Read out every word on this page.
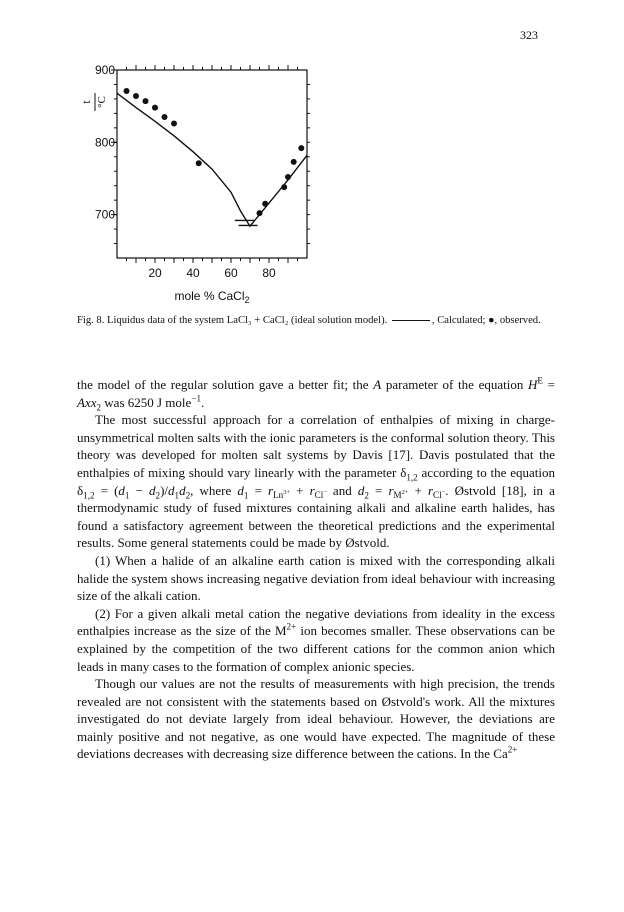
323
700
800
900
20 40 60 80
t °C
mole % CaCl$_2$
Fig. 8. Liquidus data of the system LaCl₃ + CaCl₂ (ideal solution model).	, Calculated; ●, observed.

the model of the regular solution gave a better fit; the A parameter of the equation $H^E = Axx_2$ was 6250 J mole$^{-1}$.

The most successful approach for a correlation of enthalpies of mixing in charge-unsymmetrical molten salts with the ionic parameters is the conformal solution theory. This theory was developed for molten salt systems by Davis [17]. Davis postulated that the enthalpies of mixing should vary linearly with the parameter $\delta_{1,2}$ according to the equation $\delta_{1,2} = (d_1 - d_2)/d_1d_2$, where $d_1 = r_{Ln^{3+}} + r_{Cl^-}$ and $d_2 = r_{M^{2+}} + r_{Cl^-}$. Østvold [18], in a thermodynamic study of fused mixtures containing alkali and alkaline earth halides, has found a satisfactory agreement between the theoretical predictions and the experimental results. Some general statements could be made by Østvold.

(1) When a halide of an alkaline earth cation is mixed with the corresponding alkali halide the system shows increasing negative deviation from ideal behaviour with increasing size of the alkali cation.

(2) For a given alkali metal cation the negative deviations from ideality in the excess enthalpies increase as the size of the $M^{2+}$ ion becomes smaller. These observations can be explained by the competition of the two different cations for the common anion which leads in many cases to the formation of complex anionic species.

Though our values are not the results of measurements with high precision, the trends revealed are not consistent with the statements based on Østvold's work. All the mixtures investigated do not deviate largely from ideal behaviour. However, the deviations are mainly positive and not negative, as one would have expected. The magnitude of these deviations decreases with decreasing size difference between the cations. In the $Ca^{2+}$
